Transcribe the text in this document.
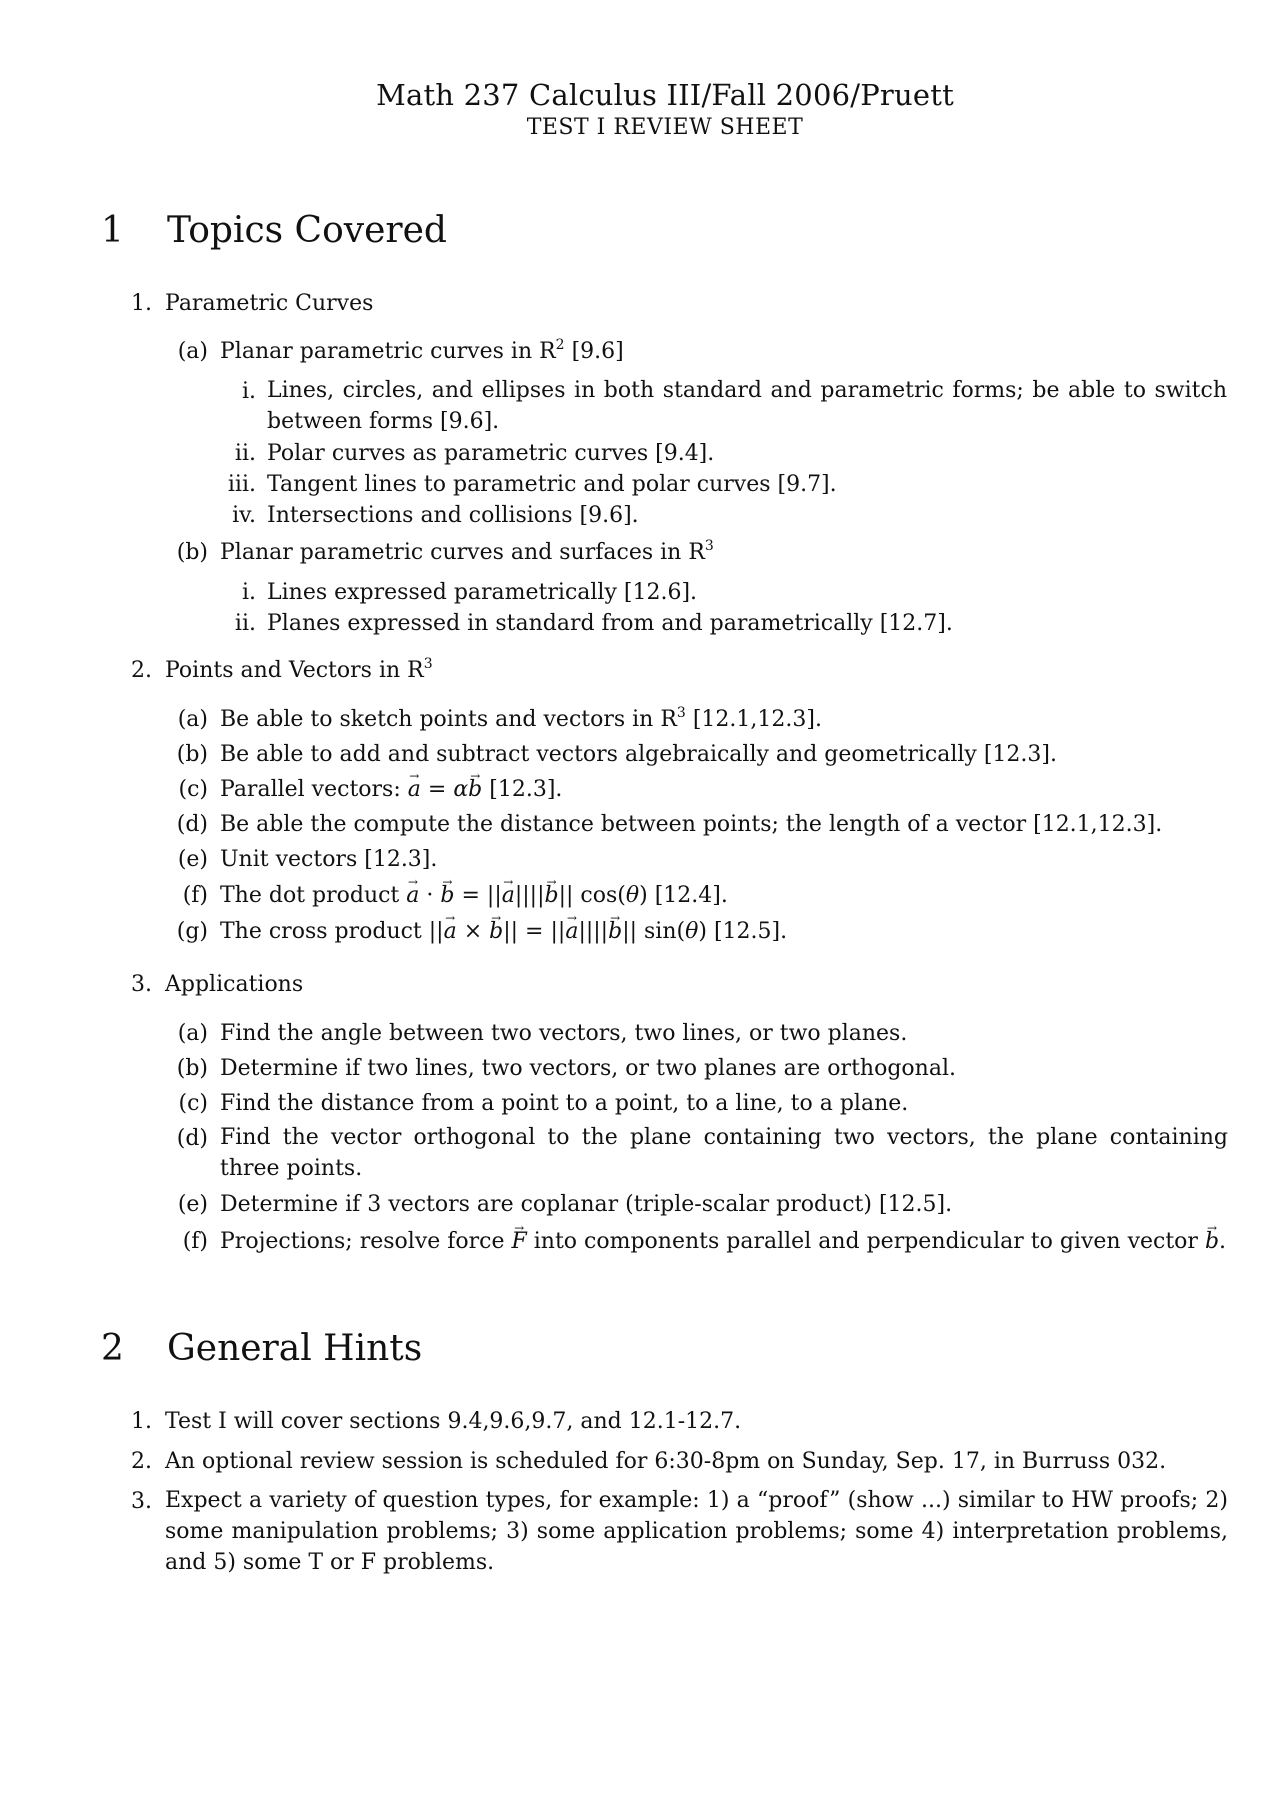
Math 237 Calculus III/Fall 2006/Pruett
TEST I REVIEW SHEET
1 Topics Covered
1. Parametric Curves
(a) Planar parametric curves in $R^2$ [9.6]
i. Lines, circles, and ellipses in both standard and parametric forms; be able to switch between forms [9.6].
ii. Polar curves as parametric curves [9.4].
iii. Tangent lines to parametric and polar curves [9.7].
iv. Intersections and collisions [9.6].
(b) Planar parametric curves and surfaces in $R^3$
i. Lines expressed parametrically [12.6].
ii. Planes expressed in standard from and parametrically [12.7].
2. Points and Vectors in $R^3$
(a) Be able to sketch points and vectors in $R^3$ [12.1,12.3].
(b) Be able to add and subtract vectors algebraically and geometrically [12.3].
(c) Parallel vectors: a → = αb → [12.3].
(d) Be able the compute the distance between points; the length of a vector [12.1,12.3].
(e) Unit vectors [12.3].
(f) The dot product a → · b → = ||a →||||b →|| cos(θ) [12.4].
(g) The cross product ||a → × b →|| = ||a →||||b →|| sin(θ) [12.5].
3. Applications
(a) Find the angle between two vectors, two lines, or two planes.
(b) Determine if two lines, two vectors, or two planes are orthogonal.
(c) Find the distance from a point to a point, to a line, to a plane.
(d) Find the vector orthogonal to the plane containing two vectors, the plane containing three points.
(e) Determine if 3 vectors are coplanar (triple-scalar product) [12.5].
(f) Projections; resolve force F → into components parallel and perpendicular to given vector b →.
2 General Hints
1. Test I will cover sections 9.4,9.6,9.7, and 12.1-12.7.
2. An optional review session is scheduled for 6:30-8pm on Sunday, Sep. 17, in Burruss 032.
3. Expect a variety of question types, for example: 1) a “proof” (show ...) similar to HW proofs; 2) some manipulation problems; 3) some application problems; some 4) interpretation problems, and 5) some T or F problems.
